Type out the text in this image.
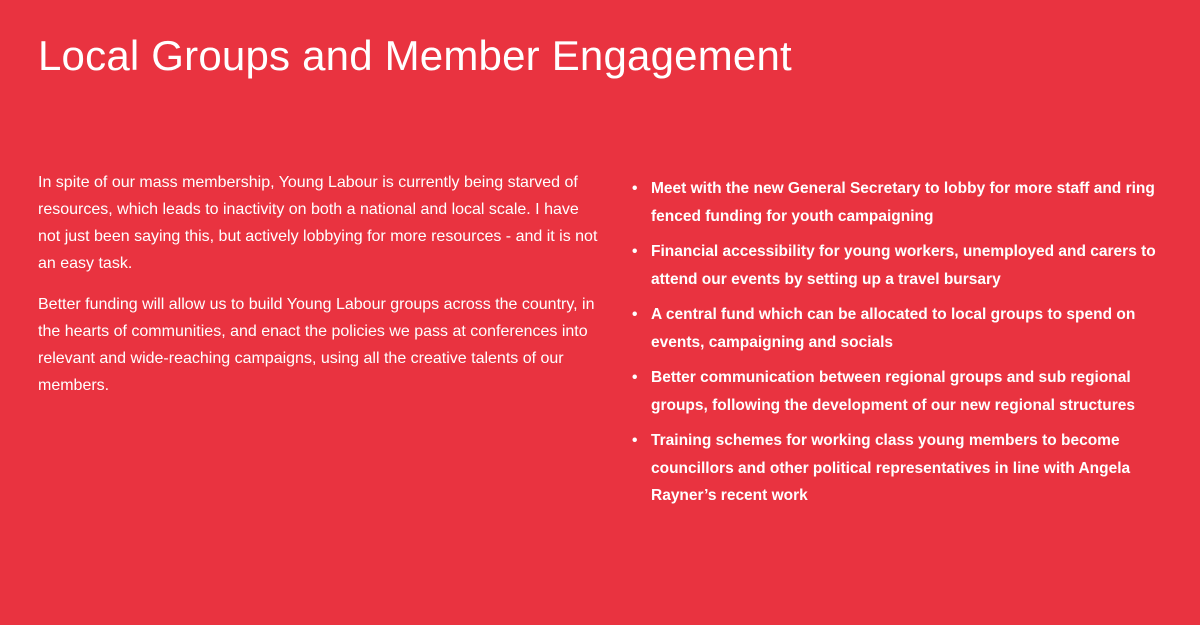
Local Groups and Member Engagement

In spite of our mass membership, Young Labour is currently being starved of resources, which leads to inactivity on both a national and local scale. I have not just been saying this, but actively lobbying for more resources - and it is not an easy task.

Better funding will allow us to build Young Labour groups across the country, in the hearts of communities, and enact the policies we pass at conferences into relevant and wide-reaching campaigns, using all the creative talents of our members.

• Meet with the new General Secretary to lobby for more staff and ring fenced funding for youth campaigning
• Financial accessibility for young workers, unemployed and carers to attend our events by setting up a travel bursary
• A central fund which can be allocated to local groups to spend on events, campaigning and socials
• Better communication between regional groups and sub regional groups, following the development of our new regional structures
• Training schemes for working class young members to become councillors and other political representatives in line with Angela Rayner’s recent work
